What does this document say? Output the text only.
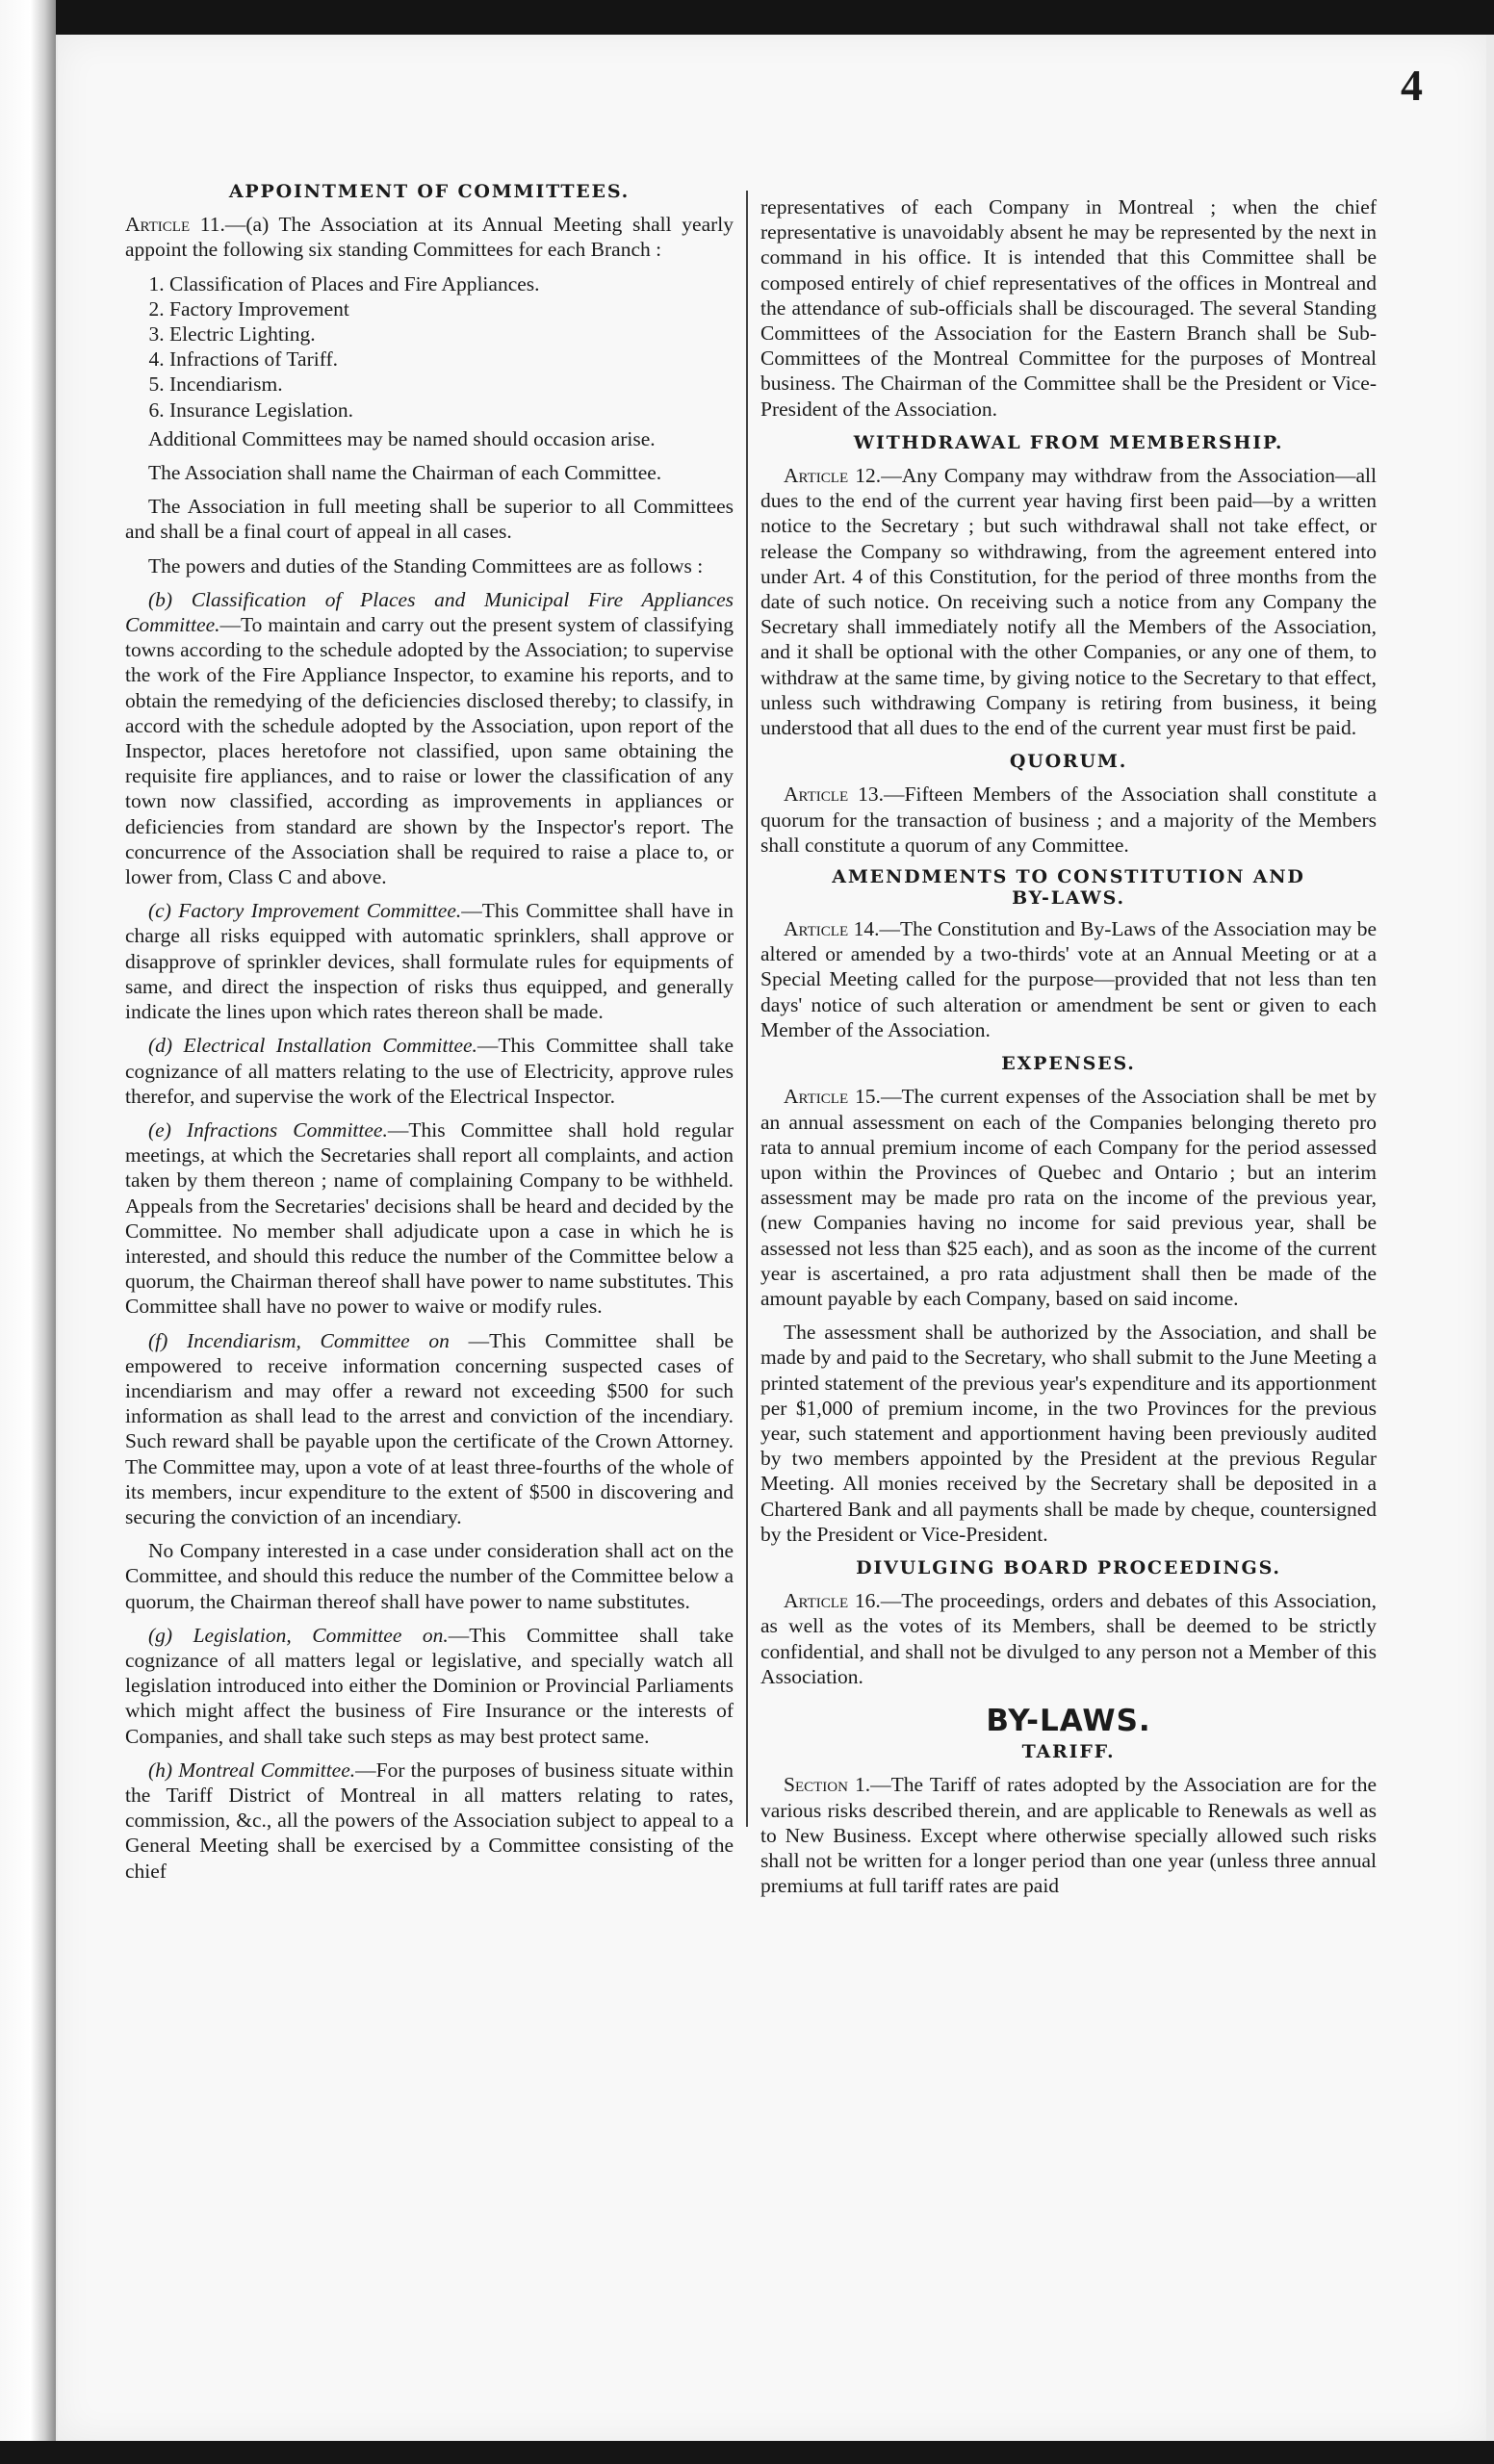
4
APPOINTMENT OF COMMITTEES.

Article 11.—(a) The Association at its Annual Meeting shall yearly appoint the following six standing Committees for each Branch :

1. Classification of Places and Fire Appliances.
2. Factory Improvement
3. Electric Lighting.
4. Infractions of Tariff.
5. Incendiarism.
6. Insurance Legislation.

Additional Committees may be named should occasion arise.

The Association shall name the Chairman of each Committee.

The Association in full meeting shall be superior to all Committees and shall be a final court of appeal in all cases.

The powers and duties of the Standing Committees are as follows :

(b) Classification of Places and Municipal Fire Appliances Committee.—To maintain and carry out the present system of classifying towns according to the schedule adopted by the Association; to supervise the work of the Fire Appliance Inspector, to examine his reports, and to obtain the remedying of the deficiencies disclosed thereby; to classify, in accord with the schedule adopted by the Association, upon report of the Inspector, places heretofore not classified, upon same obtaining the requisite fire appliances, and to raise or lower the classification of any town now classified, according as improvements in appliances or deficiencies from standard are shown by the Inspector's report. The concurrence of the Association shall be required to raise a place to, or lower from, Class C and above.

(c) Factory Improvement Committee.—This Committee shall have in charge all risks equipped with automatic sprinklers, shall approve or disapprove of sprinkler devices, shall formulate rules for equipments of same, and direct the inspection of risks thus equipped, and generally indicate the lines upon which rates thereon shall be made.

(d) Electrical Installation Committee.—This Committee shall take cognizance of all matters relating to the use of Electricity, approve rules therefor, and supervise the work of the Electrical Inspector.

(e) Infractions Committee.—This Committee shall hold regular meetings, at which the Secretaries shall report all complaints, and action taken by them thereon ; name of complaining Company to be withheld. Appeals from the Secretaries' decisions shall be heard and decided by the Committee. No member shall adjudicate upon a case in which he is interested, and should this reduce the number of the Committee below a quorum, the Chairman thereof shall have power to name substitutes. This Committee shall have no power to waive or modify rules.

(f) Incendiarism, Committee on —This Committee shall be empowered to receive information concerning suspected cases of incendiarism and may offer a reward not exceeding $500 for such information as shall lead to the arrest and conviction of the incendiary. Such reward shall be payable upon the certificate of the Crown Attorney. The Committee may, upon a vote of at least three-fourths of the whole of its members, incur expenditure to the extent of $500 in discovering and securing the conviction of an incendiary.

No Company interested in a case under consideration shall act on the Committee, and should this reduce the number of the Committee below a quorum, the Chairman thereof shall have power to name substitutes.

(g) Legislation, Committee on.—This Committee shall take cognizance of all matters legal or legislative, and specially watch all legislation introduced into either the Dominion or Provincial Parliaments which might affect the business of Fire Insurance or the interests of Companies, and shall take such steps as may best protect same.

(h) Montreal Committee.—For the purposes of business situate within the Tariff District of Montreal in all matters relating to rates, commission, &c., all the powers of the Association subject to appeal to a General Meeting shall be exercised by a Committee consisting of the chief

representatives of each Company in Montreal ; when the chief representative is unavoidably absent he may be represented by the next in command in his office. It is intended that this Committee shall be composed entirely of chief representatives of the offices in Montreal and the attendance of sub-officials shall be discouraged. The several Standing Committees of the Association for the Eastern Branch shall be Sub-Committees of the Montreal Committee for the purposes of Montreal business. The Chairman of the Committee shall be the President or Vice-President of the Association.

WITHDRAWAL FROM MEMBERSHIP.

Article 12.—Any Company may withdraw from the Association—all dues to the end of the current year having first been paid—by a written notice to the Secretary ; but such withdrawal shall not take effect, or release the Company so withdrawing, from the agreement entered into under Art. 4 of this Constitution, for the period of three months from the date of such notice. On receiving such a notice from any Company the Secretary shall immediately notify all the Members of the Association, and it shall be optional with the other Companies, or any one of them, to withdraw at the same time, by giving notice to the Secretary to that effect, unless such withdrawing Company is retiring from business, it being understood that all dues to the end of the current year must first be paid.

QUORUM.

Article 13.—Fifteen Members of the Association shall constitute a quorum for the transaction of business ; and a majority of the Members shall constitute a quorum of any Committee.

AMENDMENTS TO CONSTITUTION AND
BY-LAWS.

Article 14.—The Constitution and By-Laws of the Association may be altered or amended by a two-thirds' vote at an Annual Meeting or at a Special Meeting called for the purpose—provided that not less than ten days' notice of such alteration or amendment be sent or given to each Member of the Association.

EXPENSES.

Article 15.—The current expenses of the Association shall be met by an annual assessment on each of the Companies belonging thereto pro rata to annual premium income of each Company for the period assessed upon within the Provinces of Quebec and Ontario ; but an interim assessment may be made pro rata on the income of the previous year, (new Companies having no income for said previous year, shall be assessed not less than $25 each), and as soon as the income of the current year is ascertained, a pro rata adjustment shall then be made of the amount payable by each Company, based on said income.

The assessment shall be authorized by the Association, and shall be made by and paid to the Secretary, who shall submit to the June Meeting a printed statement of the previous year's expenditure and its apportionment per $1,000 of premium income, in the two Provinces for the previous year, such statement and apportionment having been previously audited by two members appointed by the President at the previous Regular Meeting. All monies received by the Secretary shall be deposited in a Chartered Bank and all payments shall be made by cheque, countersigned by the President or Vice-President.

DIVULGING BOARD PROCEEDINGS.

Article 16.—The proceedings, orders and debates of this Association, as well as the votes of its Members, shall be deemed to be strictly confidential, and shall not be divulged to any person not a Member of this Association.

BY-LAWS.
TARIFF.

Section 1.—The Tariff of rates adopted by the Association are for the various risks described therein, and are applicable to Renewals as well as to New Business. Except where otherwise specially allowed such risks shall not be written for a longer period than one year (unless three annual premiums at full tariff rates are paid
